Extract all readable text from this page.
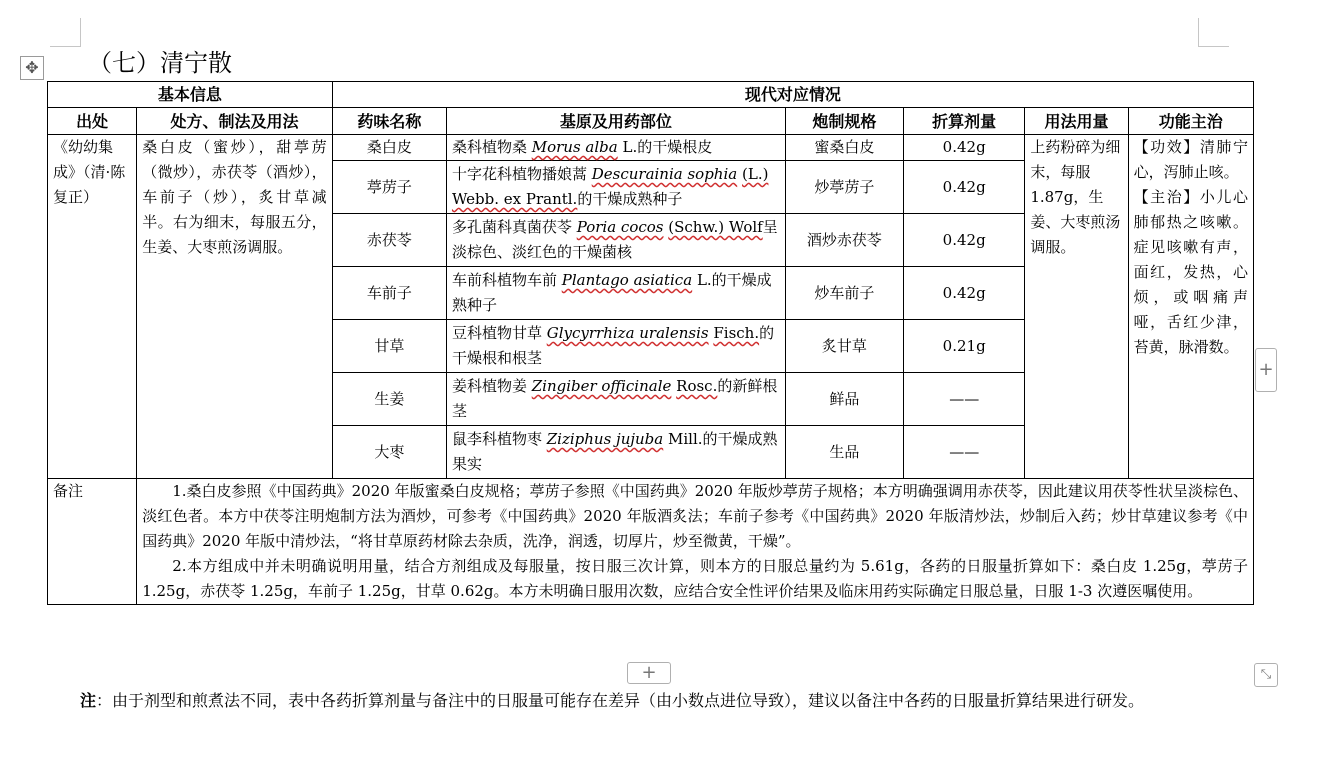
✥ （七）清宁散
基本信息		现代对应情况					
出处	处方、制法及用法	药味名称	基原及用药部位	炮制规格	折算剂量	用法用量	功能主治
《幼幼集成》（清·陈复正）	桑白皮（蜜炒），甜葶苈（微炒），赤茯苓（酒炒），车前子（炒），炙甘草减半。右为细末，每服五分，生姜、大枣煎汤调服。	桑白皮	桑科植物桑 Morus alba L.的干燥根皮	蜜桑白皮	0.42g	上药粉碎为细末，每服1.87g，生姜、大枣煎汤调服。	【功效】清肺宁心，泻肺止咳。
【主治】小儿心肺郁热之咳嗽。症见咳嗽有声，面红，发热，心烦，或咽痛声哑，舌红少津，苔黄，脉滑数。

		葶苈子	十字花科植物播娘蒿 Descurainia sophia (L.) Webb. ex Prantl.的干燥成熟种子	炒葶苈子	0.42g		
		赤茯苓	多孔菌科真菌茯苓 Poria cocos (Schw.) Wolf呈淡棕色、淡红色的干燥菌核	酒炒赤茯苓	0.42g		
		车前子	车前科植物车前 Plantago asiatica L.的干燥成熟种子	炒车前子	0.42g		
		甘草	豆科植物甘草 Glycyrrhiza uralensis Fisch.的干燥根和根茎	炙甘草	0.21g		
		生姜	姜科植物姜 Zingiber officinale Rosc.的新鲜根茎	鲜品	——		
		大枣	鼠李科植物枣 Ziziphus jujuba Mill.的干燥成熟果实	生品	——		
备注	1.桑白皮参照《中国药典》2020 年版蜜桑白皮规格；葶苈子参照《中国药典》2020 年版炒葶苈子规格；本方明确强调用赤茯苓，因此建议用茯苓性状呈淡棕色、淡红色者。本方中茯苓注明炮制方法为酒炒，可参考《中国药典》2020 年版酒炙法；车前子参考《中国药典》2020 年版清炒法，炒制后入药；炒甘草建议参考《中国药典》2020 年版中清炒法，“将甘草原药材除去杂质，洗净，润透，切厚片，炒至微黄，干燥”。

2.本方组成中并未明确说明用量，结合方剂组成及每服量，按日服三次计算，则本方的日服总量约为 5.61g，各药的日服量折算如下：桑白皮 1.25g，葶苈子 1.25g，赤茯苓 1.25g，车前子 1.25g，甘草 0.62g。本方未明确日服用次数，应结合安全性评价结果及临床用药实际确定日服总量，日服 1-3 次遵医嘱使用。						

+
+	⤡
注：由于剂型和煎煮法不同，表中各药折算剂量与备注中的日服量可能存在差异（由小数点进位导致），建议以备注中各药的日服量折算结果进行研发。
